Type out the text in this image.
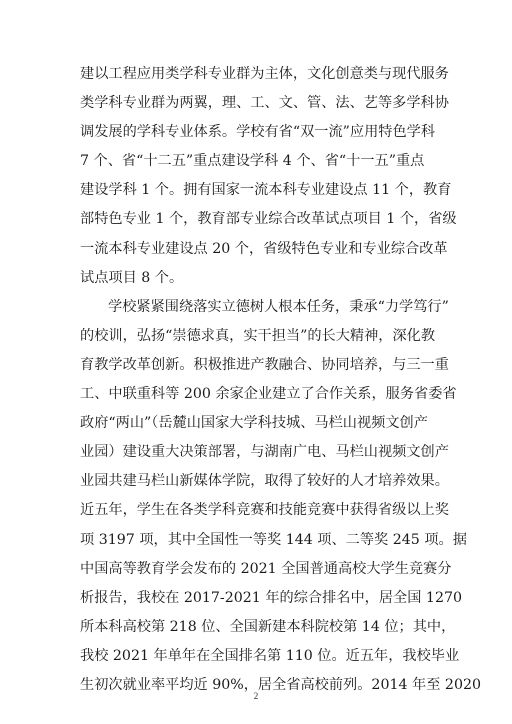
建以工程应用类学科专业群为主体，文化创意类与现代服务
类学科专业群为两翼，理、工、文、管、法、艺等多学科协
调发展的学科专业体系。学校有省“双一流”应用特色学科
7 个、省“十二五”重点建设学科 4 个、省“十一五”重点
建设学科 1 个。拥有国家一流本科专业建设点 11 个，教育
部特色专业 1 个，教育部专业综合改革试点项目 1 个，省级
一流本科专业建设点 20 个，省级特色专业和专业综合改革
试点项目 8 个。
学校紧紧围绕落实立德树人根本任务，秉承“力学笃行”
的校训，弘扬“崇德求真，实干担当”的长大精神，深化教
育教学改革创新。积极推进产教融合、协同培养，与三一重
工、中联重科等 200 余家企业建立了合作关系，服务省委省
政府“两山”（岳麓山国家大学科技城、马栏山视频文创产
业园）建设重大决策部署，与湖南广电、马栏山视频文创产
业园共建马栏山新媒体学院，取得了较好的人才培养效果。
近五年，学生在各类学科竞赛和技能竞赛中获得省级以上奖
项 3197 项，其中全国性一等奖 144 项、二等奖 245 项。据
中国高等教育学会发布的 2021 全国普通高校大学生竞赛分
析报告，我校在 2017-2021 年的综合排名中，居全国 1270
所本科高校第 218 位、全国新建本科院校第 14 位；其中，
我校 2021 年单年在全国排名第 110 位。近五年，我校毕业
生初次就业率平均近 90%，居全省高校前列。2014 年至 2020
2
